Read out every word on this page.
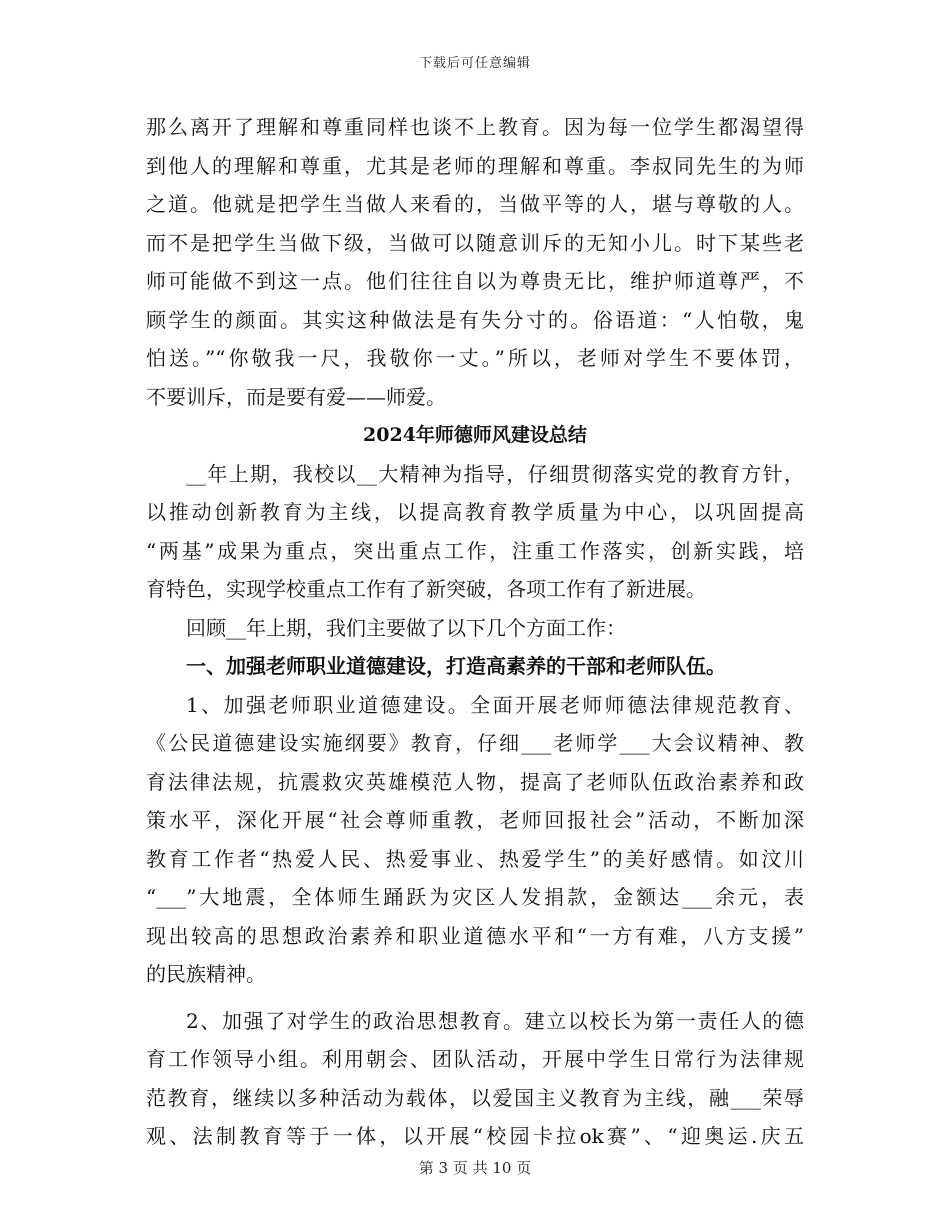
下载后可任意编辑
那么离开了理解和尊重同样也谈不上教育。因为每一位学生都渴望得
到他人的理解和尊重，尤其是老师的理解和尊重。李叔同先生的为师
之道。他就是把学生当做人来看的，当做平等的人，堪与尊敬的人。
而不是把学生当做下级，当做可以随意训斥的无知小儿。时下某些老
师可能做不到这一点。他们往往自以为尊贵无比，维护师道尊严，不
顾学生的颜面。其实这种做法是有失分寸的。俗语道：“人怕敬，鬼
怕送。”“你敬我一尺，我敬你一丈。”所以，老师对学生不要体罚，
不要训斥，而是要有爱——师爱。
2024年师德师风建设总结
__年上期，我校以__大精神为指导，仔细贯彻落实党的教育方针，
以推动创新教育为主线，以提高教育教学质量为中心，以巩固提高
“两基”成果为重点，突出重点工作，注重工作落实，创新实践，培
育特色，实现学校重点工作有了新突破，各项工作有了新进展。
回顾__年上期，我们主要做了以下几个方面工作：
一、加强老师职业道德建设，打造高素养的干部和老师队伍。
1、加强老师职业道德建设。全面开展老师师德法律规范教育、
《公民道德建设实施纲要》教育，仔细___老师学___大会议精神、教
育法律法规，抗震救灾英雄模范人物，提高了老师队伍政治素养和政
策水平，深化开展“社会尊师重教，老师回报社会”活动，不断加深
教育工作者“热爱人民、热爱事业、热爱学生”的美好感情。如汶川
“___”大地震，全体师生踊跃为灾区人发捐款，金额达___余元，表
现出较高的思想政治素养和职业道德水平和“一方有难，八方支援”
的民族精神。
2、加强了对学生的政治思想教育。建立以校长为第一责任人的德
育工作领导小组。利用朝会、团队活动，开展中学生日常行为法律规
范教育，继续以多种活动为载体，以爱国主义教育为主线，融___荣辱
观、法制教育等于一体，以开展“校园卡拉ok赛”、“迎奥运.庆五
第 3 页 共 10 页
